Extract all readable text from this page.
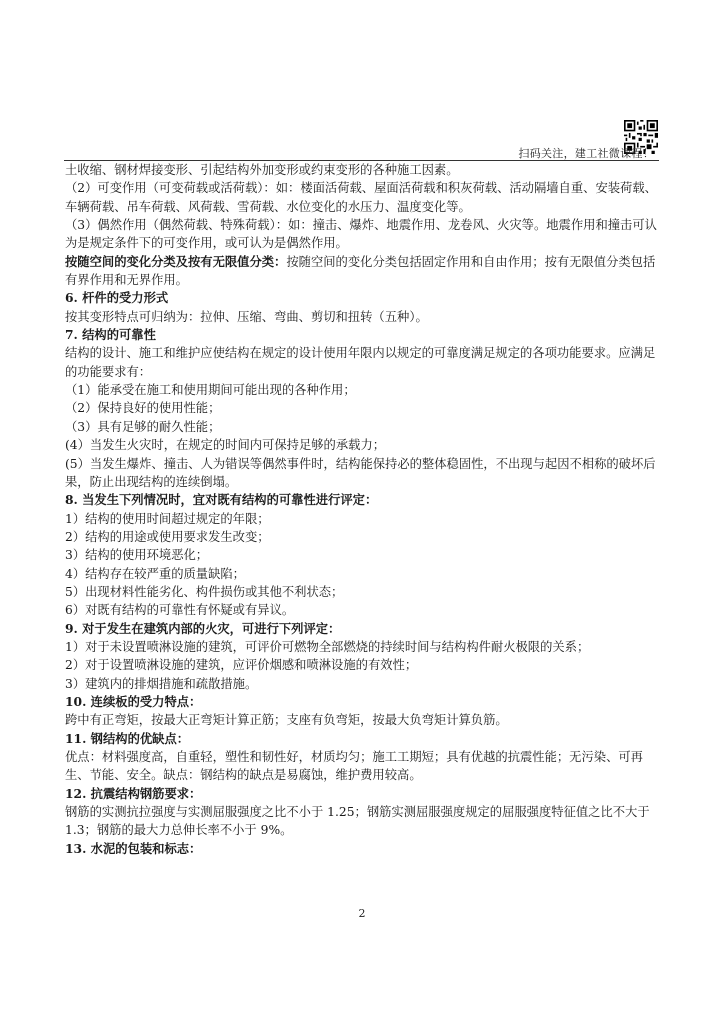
扫码关注，建工社微课程！

土收缩、钢材焊接变形、引起结构外加变形或约束变形的各种施工因素。

（2）可变作用（可变荷载或活荷载）：如：楼面活荷载、屋面活荷载和积灰荷载、活动隔墙自重、安装荷载、车辆荷载、吊车荷载、风荷载、雪荷载、水位变化的水压力、温度变化等。

（3）偶然作用（偶然荷载、特殊荷载）：如：撞击、爆炸、地震作用、龙卷风、火灾等。地震作用和撞击可认为是规定条件下的可变作用，或可认为是偶然作用。

按随空间的变化分类及按有无限值分类：按随空间的变化分类包括固定作用和自由作用；按有无限值分类包括有界作用和无界作用。

6. 杆件的受力形式

按其变形特点可归纳为：拉伸、压缩、弯曲、剪切和扭转（五种）。

7. 结构的可靠性

结构的设计、施工和维护应使结构在规定的设计使用年限内以规定的可靠度满足规定的各项功能要求。应满足的功能要求有：

（1）能承受在施工和使用期间可能出现的各种作用；

（2）保持良好的使用性能；

（3）具有足够的耐久性能；

(4）当发生火灾时，在规定的时间内可保持足够的承载力；

(5）当发生爆炸、撞击、人为错误等偶然事件时，结构能保持必的整体稳固性，不出现与起因不相称的破坏后果，防止出现结构的连续倒塌。

8. 当发生下列情况时，宜对既有结构的可靠性进行评定：

1）结构的使用时间超过规定的年限；

2）结构的用途或使用要求发生改变；

3）结构的使用环境恶化；

4）结构存在较严重的质量缺陷；

5）出现材料性能劣化、构件损伤或其他不利状态；

6）对既有结构的可靠性有怀疑或有异议。

9. 对于发生在建筑内部的火灾，可进行下列评定：

1）对于未设置喷淋设施的建筑，可评价可燃物全部燃烧的持续时间与结构构件耐火极限的关系；

2）对于设置喷淋设施的建筑，应评价烟感和喷淋设施的有效性；

3）建筑内的排烟措施和疏散措施。

10. 连续板的受力特点：

跨中有正弯矩，按最大正弯矩计算正筋；支座有负弯矩，按最大负弯矩计算负筋。

11. 钢结构的优缺点：

优点：材料强度高，自重轻，塑性和韧性好，材质均匀；施工工期短；具有优越的抗震性能；无污染、可再生、节能、安全。缺点：钢结构的缺点是易腐蚀，维护费用较高。

12. 抗震结构钢筋要求：

钢筋的实测抗拉强度与实测屈服强度之比不小于 1.25；钢筋实测屈服强度规定的屈服强度特征值之比不大于 1.3；钢筋的最大力总伸长率不小于 9%。

13. 水泥的包装和标志：

2
